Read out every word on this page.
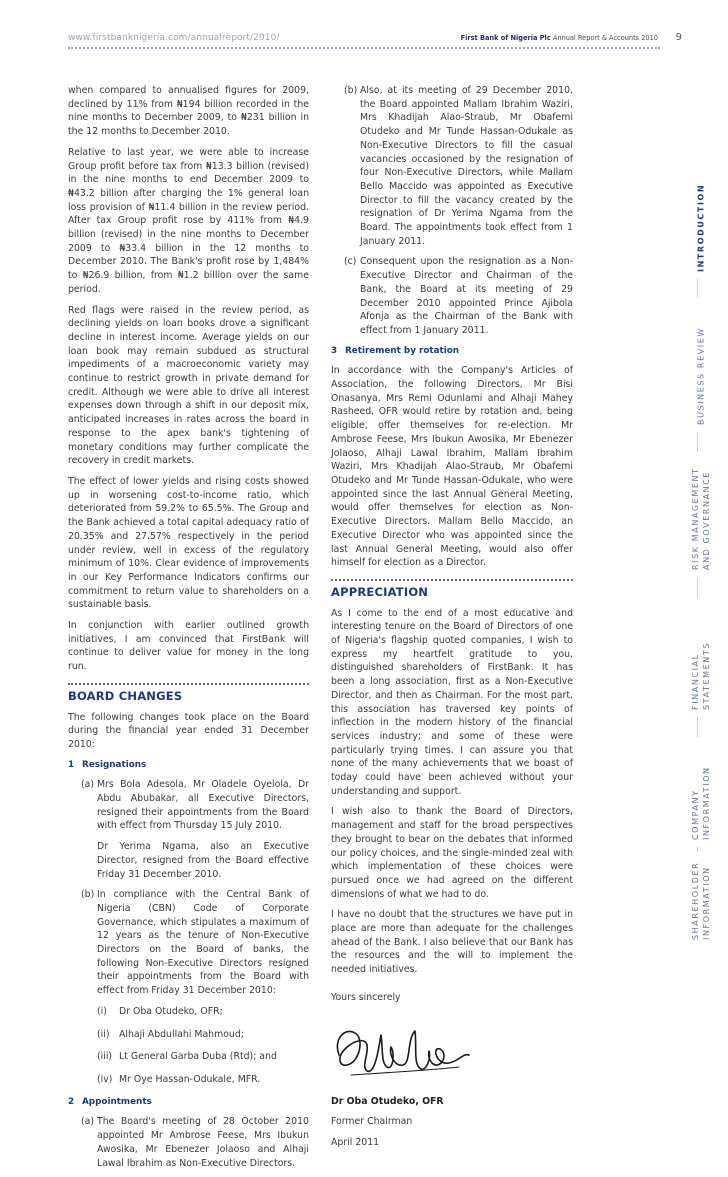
www.firstbanknigeria.com/annualreport/2010/	First Bank of Nigeria Plc Annual Report & Accounts 2010 9

when compared to annualised figures for 2009, declined by 11% from ₦194 billion recorded in the nine months to December 2009, to ₦231 billion in the 12 months to December 2010.

Relative to last year, we were able to increase Group profit before tax from ₦13.3 billion (revised) in the nine months to end December 2009 to ₦43.2 billion after charging the 1% general loan loss provision of ₦11.4 billion in the review period. After tax Group profit rose by 411% from ₦4.9 billion (revised) in the nine months to December 2009 to ₦33.4 billion in the 12 months to December 2010. The Bank's profit rose by 1,484% to ₦26.9 billion, from ₦1.2 billion over the same period.

Red flags were raised in the review period, as declining yields on loan books drove a significant decline in interest income. Average yields on our loan book may remain subdued as structural impediments of a macroeconomic variety may continue to restrict growth in private demand for credit. Although we were able to drive all interest expenses down through a shift in our deposit mix, anticipated increases in rates across the board in response to the apex bank's tightening of monetary conditions may further complicate the recovery in credit markets.

The effect of lower yields and rising costs showed up in worsening cost-to-income ratio, which deteriorated from 59.2% to 65.5%. The Group and the Bank achieved a total capital adequacy ratio of 20.35% and 27.57% respectively in the period under review, well in excess of the regulatory minimum of 10%. Clear evidence of improvements in our Key Performance Indicators confirms our commitment to return value to shareholders on a sustainable basis.

In conjunction with earlier outlined growth initiatives, I am convinced that FirstBank will continue to deliver value for money in the long run.

BOARD CHANGES

The following changes took place on the Board during the financial year ended 31 December 2010:

1 Resignations
(a) Mrs Bola Adesola, Mr Oladele Oyelola, Dr Abdu Abubakar, all Executive Directors, resigned their appointments from the Board with effect from Thursday 15 July 2010.

Dr Yerima Ngama, also an Executive Director, resigned from the Board effective Friday 31 December 2010.

(b) In compliance with the Central Bank of Nigeria (CBN) Code of Corporate Governance, which stipulates a maximum of 12 years as the tenure of Non-Executive Directors on the Board of banks, the following Non-Executive Directors resigned their appointments from the Board with effect from Friday 31 December 2010:
(i)	Dr Oba Otudeko, OFR;
(ii)	Alhaji Abdullahi Mahmoud;
(iii) Lt General Garba Duba (Rtd); and
(iv) Mr Oye Hassan-Odukale, MFR.
2 Appointments
(a) The Board's meeting of 28 October 2010 appointed Mr Ambrose Feese, Mrs Ibukun Awosika, Mr Ebenezer Jolaoso and Alhaji Lawal Ibrahim as Non-Executive Directors.
(b) Also, at its meeting of 29 December 2010, the Board appointed Mallam Ibrahim Waziri, Mrs Khadijah Alao-Straub, Mr Obafemi Otudeko and Mr Tunde Hassan-Odukale as Non-Executive Directors to fill the casual vacancies occasioned by the resignation of four Non-Executive Directors, while Mallam Bello Maccido was appointed as Executive Director to fill the vacancy created by the resignation of Dr Yerima Ngama from the Board. The appointments took effect from 1 January 2011.
(c) Consequent upon the resignation as a Non-Executive Director and Chairman of the Bank, the Board at its meeting of 29 December 2010 appointed Prince Ajibola Afonja as the Chairman of the Bank with effect from 1 January 2011.
3 Retirement by rotation

In accordance with the Company's Articles of Association, the following Directors, Mr Bisi Onasanya, Mrs Remi Odunlami and Alhaji Mahey Rasheed, OFR would retire by rotation and, being eligible, offer themselves for re-election. Mr Ambrose Feese, Mrs Ibukun Awosika, Mr Ebenezer Jolaoso, Alhaji Lawal Ibrahim, Mallam Ibrahim Waziri, Mrs Khadijah Alao-Straub, Mr Obafemi Otudeko and Mr Tunde Hassan-Odukale, who were appointed since the last Annual General Meeting, would offer themselves for election as Non-Executive Directors. Mallam Bello Maccido, an Executive Director who was appointed since the last Annual General Meeting, would also offer himself for election as a Director.

APPRECIATION

As I come to the end of a most educative and interesting tenure on the Board of Directors of one of Nigeria's flagship quoted companies, I wish to express my heartfelt gratitude to you, distinguished shareholders of FirstBank. It has been a long association, first as a Non-Executive Director, and then as Chairman. For the most part, this association has traversed key points of inflection in the modern history of the financial services industry; and some of these were particularly trying times. I can assure you that none of the many achievements that we boast of today could have been achieved without your understanding and support.

I wish also to thank the Board of Directors, management and staff for the broad perspectives they brought to bear on the debates that informed our policy choices, and the single-minded zeal with which implementation of these choices were pursued once we had agreed on the different dimensions of what we had to do.

I have no doubt that the structures we have put in place are more than adequate for the challenges ahead of the Bank. I also believe that our Bank has the resources and the will to implement the needed initiatives.

Yours sincerely

Dr Oba Otudeko, OFR

Former Chairman

April 2011

INTRODUCTION
BUSINESS REVIEW
RISK MANAGEMENT AND GOVERNANCE
FINANCIAL STATEMENTS
COMPANY INFORMATION
SHAREHOLDER INFORMATION
